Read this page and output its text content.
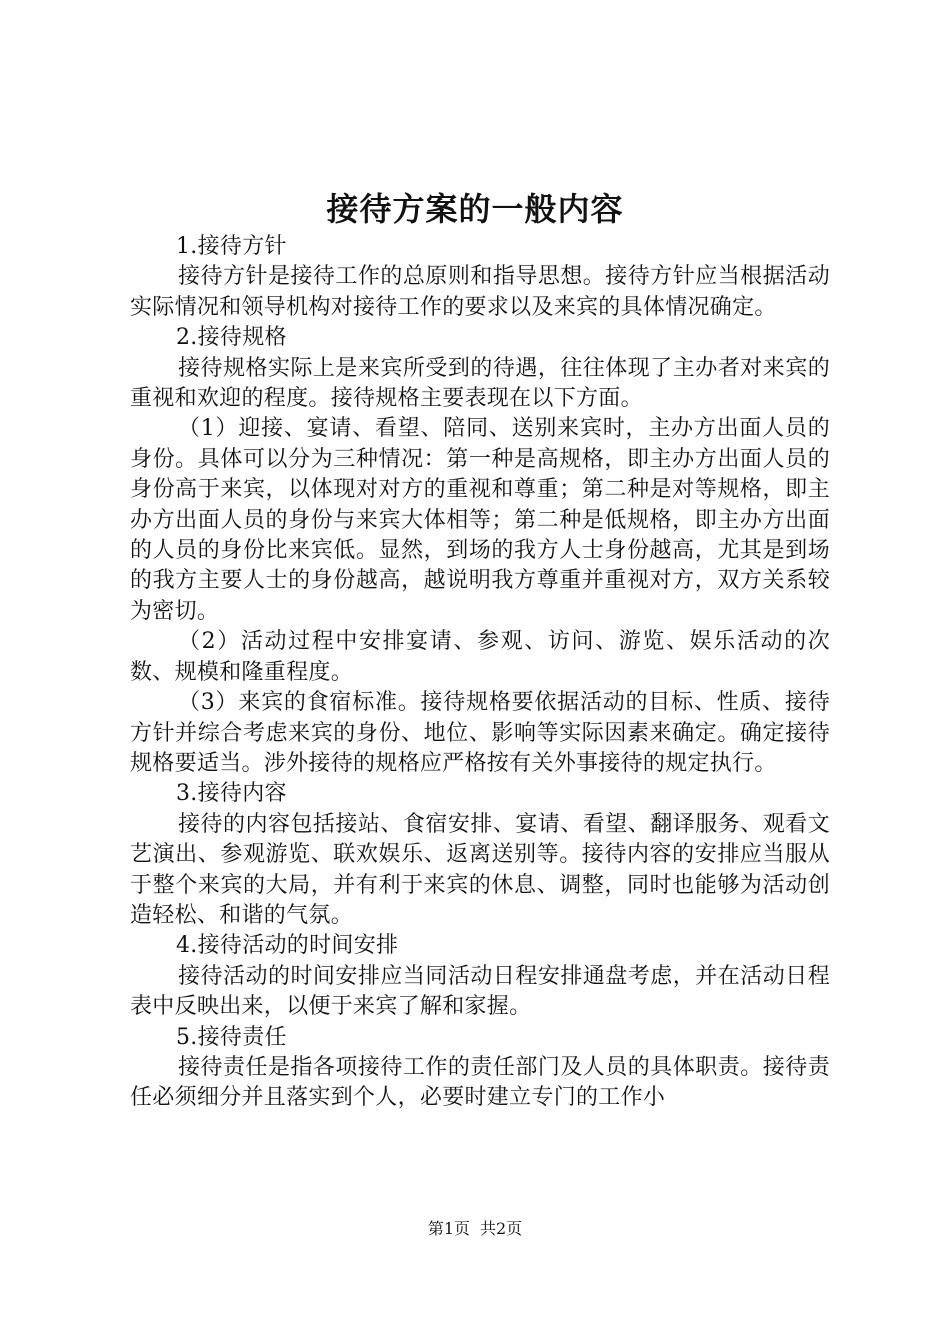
接待方案的一般内容

1.接待方针

接待方针是接待工作的总原则和指导思想。接待方针应当根据活动实际情况和领导机构对接待工作的要求以及来宾的具体情况确定。

2.接待规格

接待规格实际上是来宾所受到的待遇，往往体现了主办者对来宾的重视和欢迎的程度。接待规格主要表现在以下方面。

（1）迎接、宴请、看望、陪同、送别来宾时，主办方出面人员的身份。具体可以分为三种情况：第一种是高规格，即主办方出面人员的身份高于来宾，以体现对对方的重视和尊重；第二种是对等规格，即主办方出面人员的身份与来宾大体相等；第二种是低规格，即主办方出面的人员的身份比来宾低。显然，到场的我方人士身份越高，尤其是到场的我方主要人士的身份越高，越说明我方尊重并重视对方，双方关系较为密切。

（2）活动过程中安排宴请、参观、访问、游览、娱乐活动的次数、规模和隆重程度。

（3）来宾的食宿标准。接待规格要依据活动的目标、性质、接待方针并综合考虑来宾的身份、地位、影响等实际因素来确定。确定接待规格要适当。涉外接待的规格应严格按有关外事接待的规定执行。

3.接待内容

接待的内容包括接站、食宿安排、宴请、看望、翻译服务、观看文艺演出、参观游览、联欢娱乐、返离送别等。接待内容的安排应当服从于整个来宾的大局，并有利于来宾的休息、调整，同时也能够为活动创造轻松、和谐的气氛。

4.接待活动的时间安排

接待活动的时间安排应当同活动日程安排通盘考虑，并在活动日程表中反映出来，以便于来宾了解和家握。

5.接待责任

接待责任是指各项接待工作的责任部门及人员的具体职责。接待责任必须细分并且落实到个人，必要时建立专门的工作小

第1页 共2页
